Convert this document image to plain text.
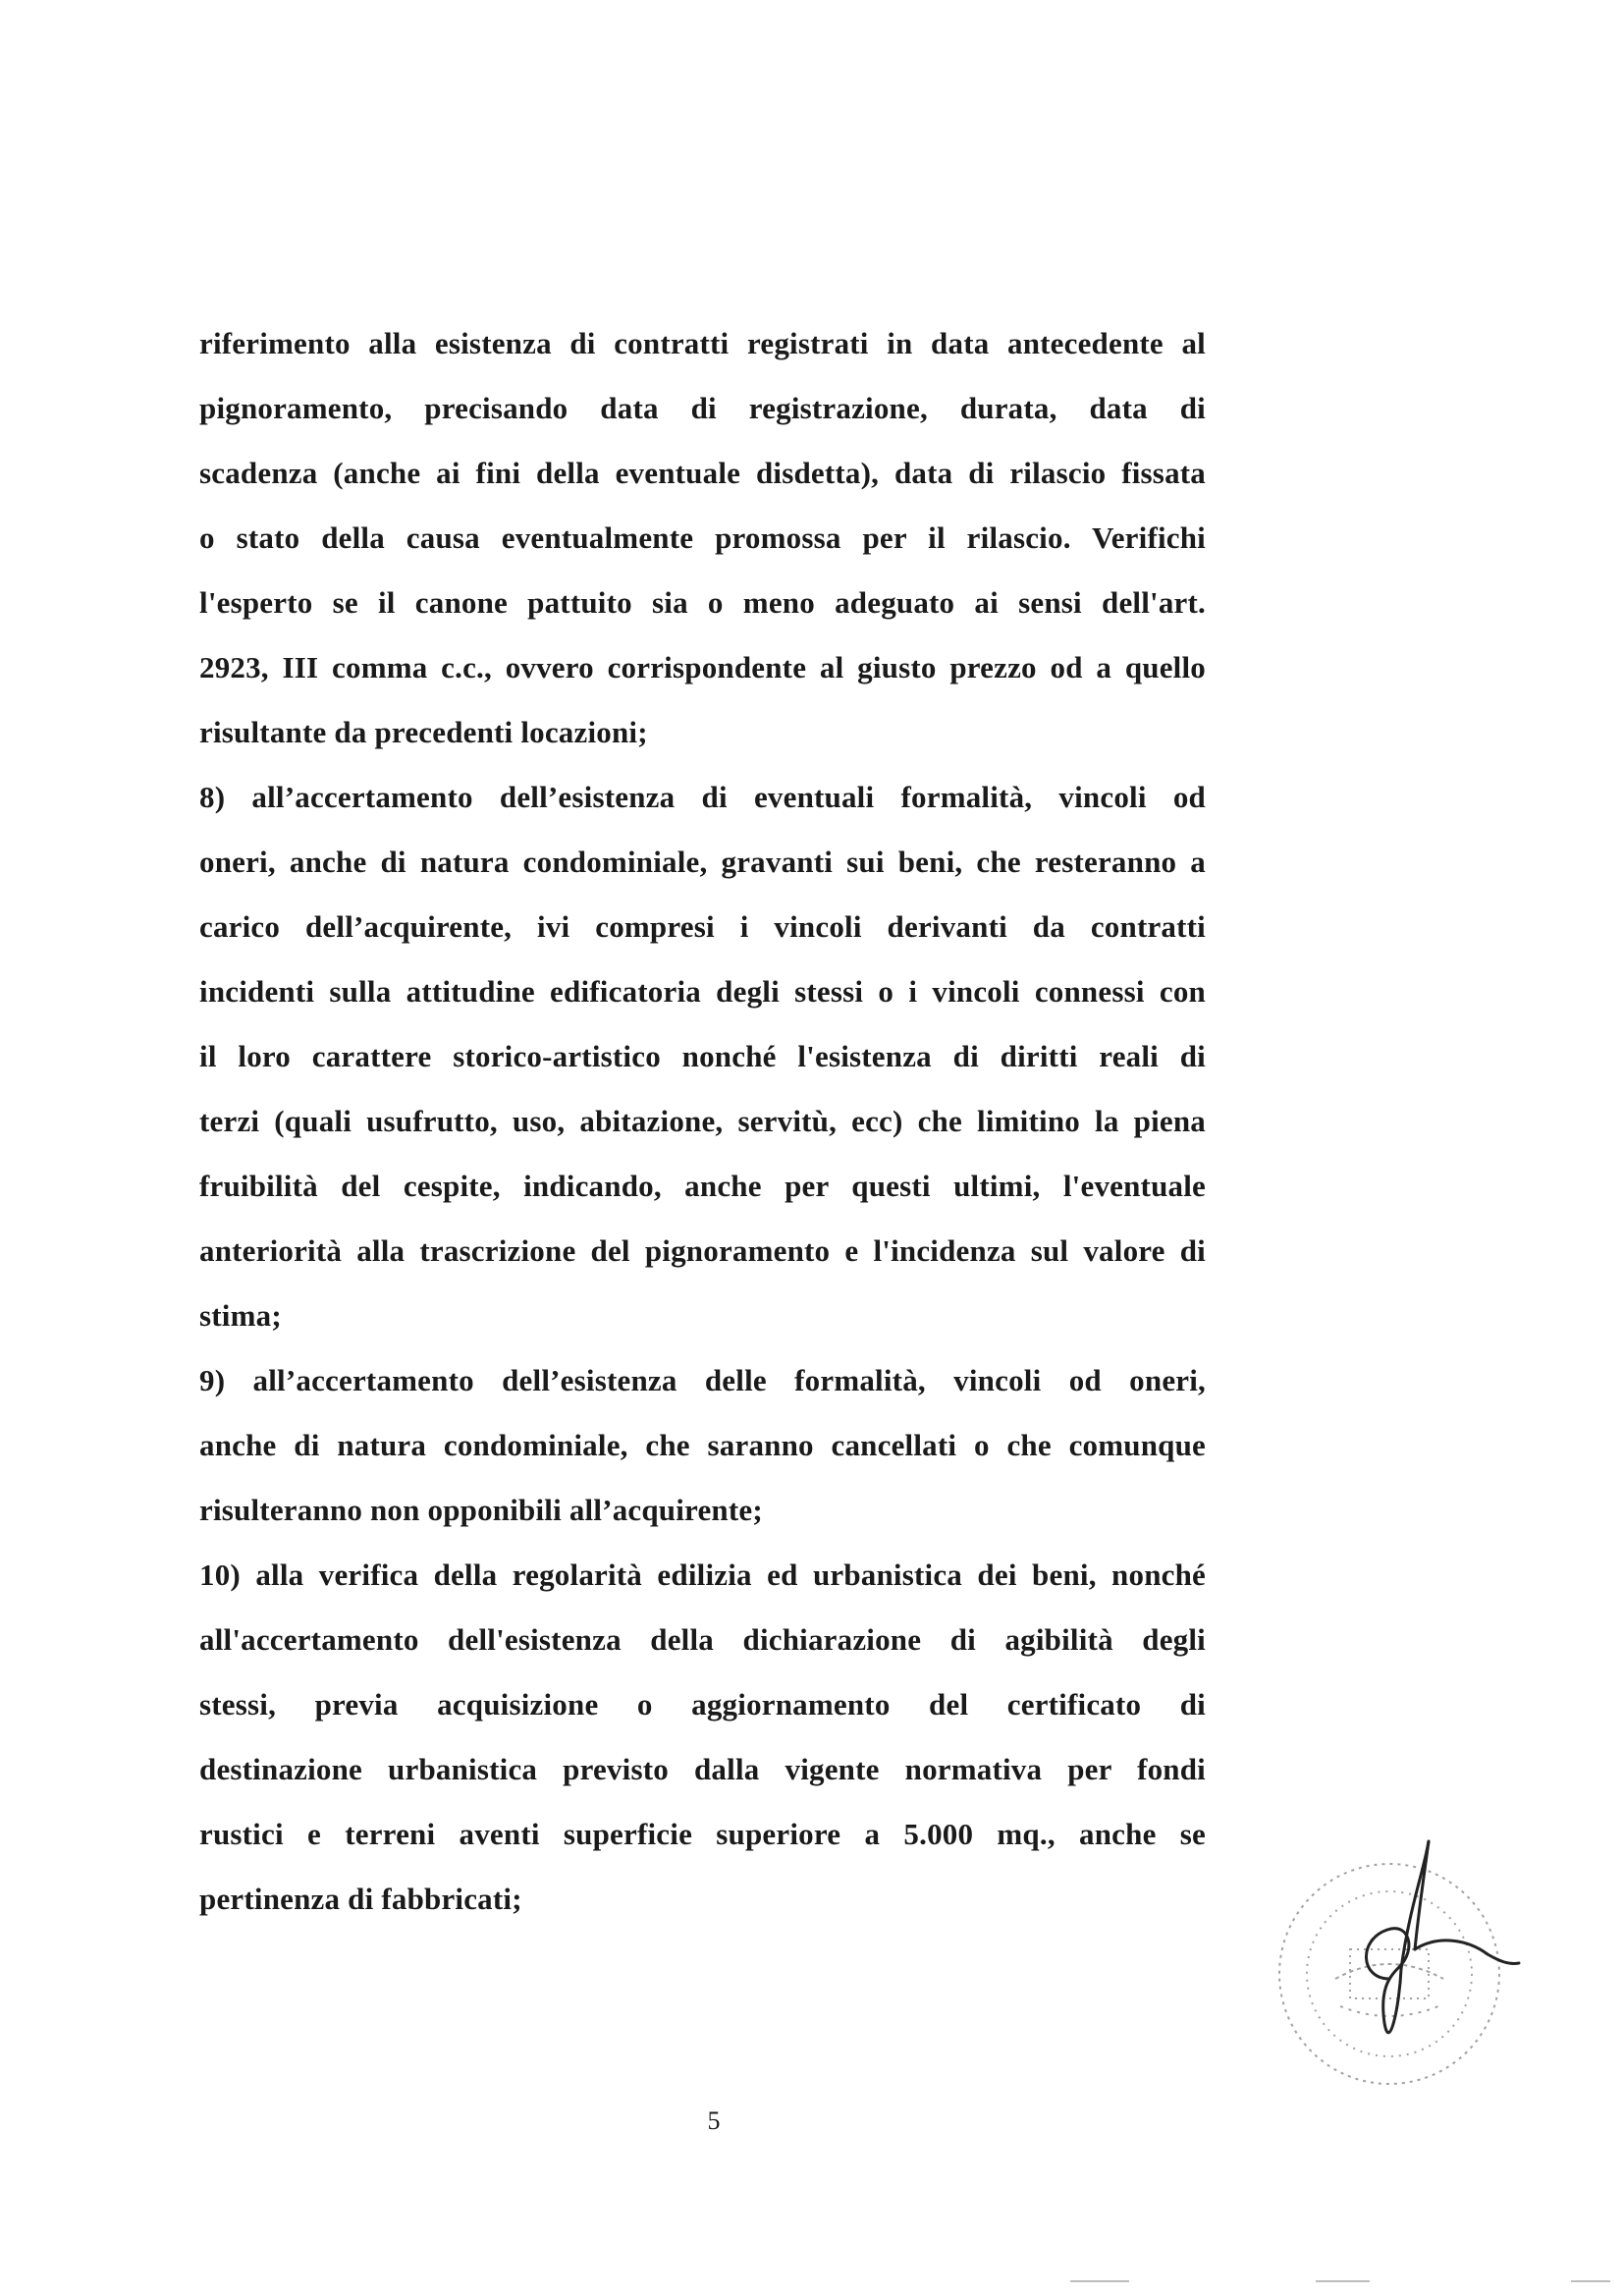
riferimento alla esistenza di contratti registrati in data antecedente al
pignoramento, precisando data di registrazione, durata, data di
scadenza (anche ai fini della eventuale disdetta), data di rilascio fissata
o stato della causa eventualmente promossa per il rilascio. Verifichi
l'esperto se il canone pattuito sia o meno adeguato ai sensi dell'art.
2923, III comma c.c., ovvero corrispondente al giusto prezzo od a quello
risultante da precedenti locazioni;
8) all’accertamento dell’esistenza di eventuali formalità, vincoli od
oneri, anche di natura condominiale, gravanti sui beni, che resteranno a
carico dell’acquirente, ivi compresi i vincoli derivanti da contratti
incidenti sulla attitudine edificatoria degli stessi o i vincoli connessi con
il loro carattere storico-artistico nonché l'esistenza di diritti reali di
terzi (quali usufrutto, uso, abitazione, servitù, ecc) che limitino la piena
fruibilità del cespite, indicando, anche per questi ultimi, l'eventuale
anteriorità alla trascrizione del pignoramento e l'incidenza sul valore di
stima;
9) all’accertamento dell’esistenza delle formalità, vincoli od oneri,
anche di natura condominiale, che saranno cancellati o che comunque
risulteranno non opponibili all’acquirente;
10) alla verifica della regolarità edilizia ed urbanistica dei beni, nonché
all'accertamento dell'esistenza della dichiarazione di agibilità degli
stessi, previa acquisizione o aggiornamento del certificato di
destinazione urbanistica previsto dalla vigente normativa per fondi
rustici e terreni aventi superficie superiore a 5.000 mq., anche se
pertinenza di fabbricati;
5
